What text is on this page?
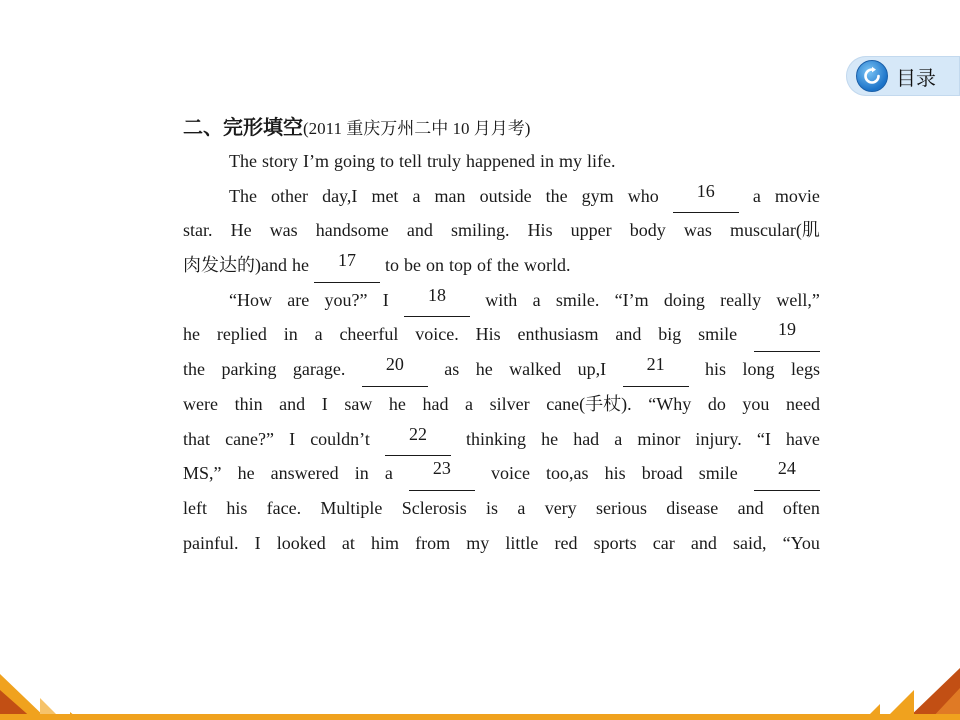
目录
二、完形填空(2011 重庆万州二中 10 月月考)
The story I’m going to tell truly happened in my life.
The other day,I met a man outside the gym who	16	a movie
star. He was handsome and smiling. His upper body was muscular(肌
肉发达的)and he	17	to be on top of the world.
“How are you?” I	18	with a smile. “I’m doing really well,”
he replied in a cheerful voice. His enthusiasm and big smile	19
the parking garage.	20	as he walked up,I	21	his long legs
were thin and I saw he had a silver cane(手杖). “Why do you need
that cane?” I couldn’t	22	thinking he had a minor injury. “I have
MS,” he answered in a	23	voice too,as his broad smile	24
left his face. Multiple Sclerosis is a very serious disease and often
painful. I looked at him from my little red sports car and said, “You
